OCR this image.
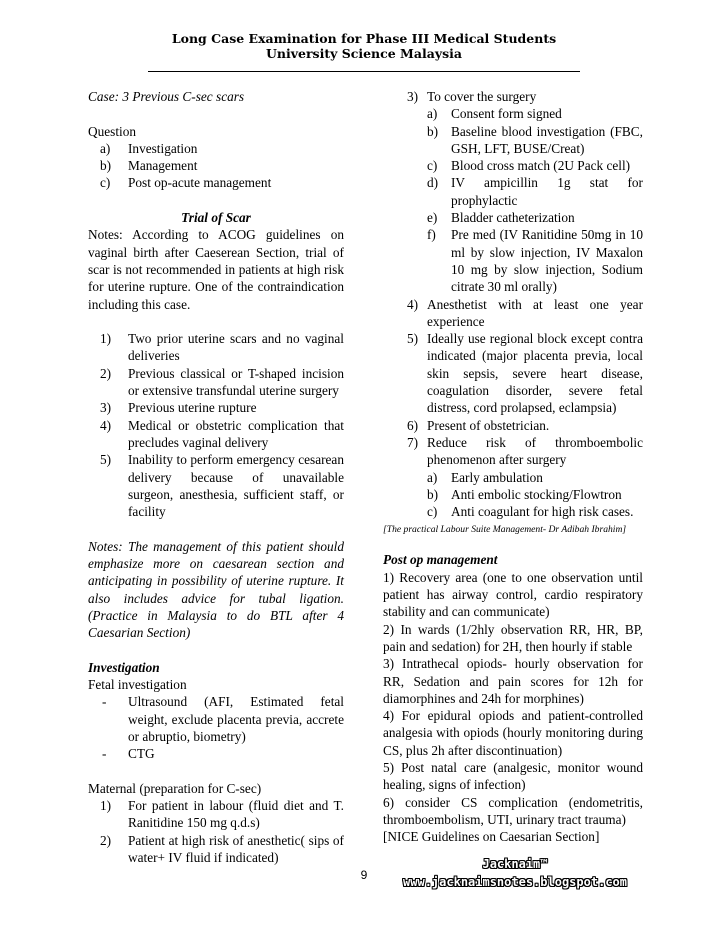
Long Case Examination for Phase III Medical Students
University Science Malaysia

Case: 3 Previous C-sec scars

Question

a) Investigation
b) Management
c) Post op-acute management

Trial of Scar

Notes: According to ACOG guidelines on vaginal birth after Caeserean Section, trial of scar is not recommended in patients at high risk for uterine rupture. One of the contraindication including this case.

1) Two prior uterine scars and no vaginal deliveries
2) Previous classical or T-shaped incision or extensive transfundal uterine surgery
3) Previous uterine rupture
4) Medical or obstetric complication that precludes vaginal delivery
5) Inability to perform emergency cesarean delivery because of unavailable surgeon, anesthesia, sufficient staff, or facility

Notes: The management of this patient should emphasize more on caesarean section and anticipating in possibility of uterine rupture. It also includes advice for tubal ligation. (Practice in Malaysia to do BTL after 4 Caesarian Section)

Investigation

Fetal investigation

- Ultrasound (AFI, Estimated fetal weight, exclude placenta previa, accrete or abruptio, biometry)
- CTG

Maternal (preparation for C-sec)

1) For patient in labour (fluid diet and T. Ranitidine 150 mg q.d.s)
2) Patient at high risk of anesthetic( sips of water+ IV fluid if indicated)
3) To cover the surgery
a) Consent form signed
b) Baseline blood investigation (FBC, GSH, LFT, BUSE/Creat)
c) Blood cross match (2U Pack cell)
d) IV ampicillin 1g stat for prophylactic
e) Bladder catheterization
f) Pre med (IV Ranitidine 50mg in 10 ml by slow injection, IV Maxalon 10 mg by slow injection, Sodium citrate 30 ml orally)
4) Anesthetist with at least one year experience
5) Ideally use regional block except contra indicated (major placenta previa, local skin sepsis, severe heart disease, coagulation disorder, severe fetal distress, cord prolapsed, eclampsia)
6) Present of obstetrician.
7) Reduce risk of thromboembolic phenomenon after surgery
a) Early ambulation
b) Anti embolic stocking/Flowtron
c) Anti coagulant for high risk cases.

[The practical Labour Suite Management- Dr Adibah Ibrahim]

Post op management

1) Recovery area (one to one observation until patient has airway control, cardio respiratory stability and can communicate)

2) In wards (1/2hly observation RR, HR, BP, pain and sedation) for 2H, then hourly if stable

3) Intrathecal opiods- hourly observation for RR, Sedation and pain scores for 12h for diamorphines and 24h for morphines)

4) For epidural opiods and patient-controlled analgesia with opiods (hourly monitoring during CS, plus 2h after discontinuation)

5) Post natal care (analgesic, monitor wound healing, signs of infection)

6) consider CS complication (endometritis, thromboembolism, UTI, urinary tract trauma)

[NICE Guidelines on Caesarian Section]

9
Jacknaim™
www.jacknaimsnotes.blogspot.com
